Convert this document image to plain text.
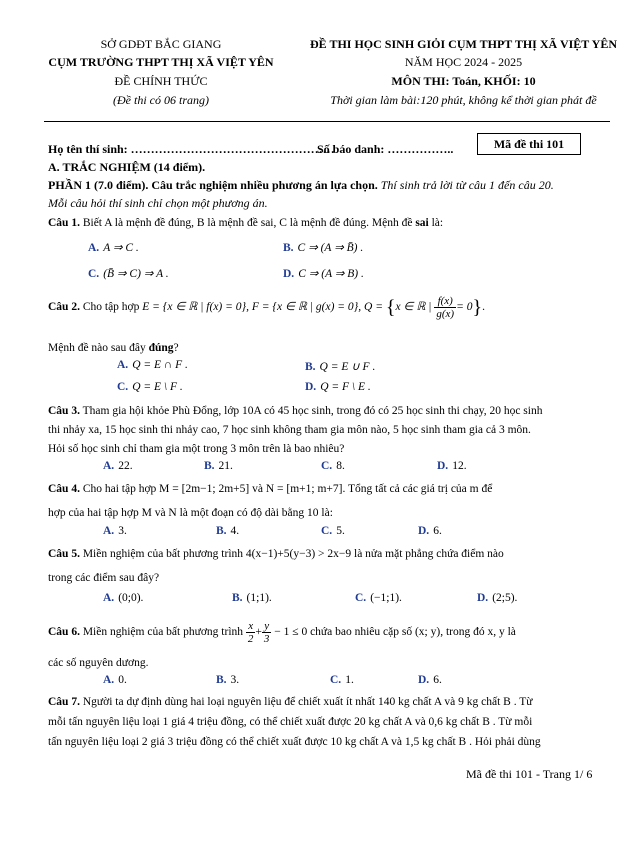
SỞ GDĐT BẮC GIANG
CỤM TRƯỜNG THPT THỊ XÃ VIỆT YÊN
ĐỀ CHÍNH THỨC
(Đề thi có 06 trang)
ĐỀ THI HỌC SINH GIỎI CỤM THPT THỊ XÃ VIỆT YÊN
NĂM HỌC 2024 - 2025
MÔN THI: Toán, KHỐI: 10
Thời gian làm bài:120 phút, không kể thời gian phát đề
Họ tên thí sinh: ……………………………………………
Số báo danh: ……………..	Mã đề thi 101
A. TRẮC NGHIỆM (14 điểm).
PHẦN 1 (7.0 điểm). Câu trắc nghiệm nhiều phương án lựa chọn. Thí sinh trả lời từ câu 1 đến câu 20.
Mỗi câu hỏi thí sinh chỉ chọn một phương án.
Câu 1. Biết A là mệnh đề đúng, B là mệnh đề sai, C là mệnh đề đúng. Mệnh đề sai là:
A. A ⇒ C .	B. C ⇒ (A ⇒ B̄) .
C. (B̄ ⇒ C) ⇒ A .	D. C ⇒ (A ⇒ B) .
Câu 2. Cho tập hợp E = {x ∈ ℝ | f(x) = 0}, F = {x ∈ ℝ | g(x) = 0}, Q = {x ∈ ℝ | $\frac{f(x)}{g(x)} = 0$}.
Mệnh đề nào sau đây đúng?
A. Q = E ∩ F .	B. Q = E ∪ F .
C. Q = E \ F .	D. Q = F \ E .
Câu 3. Tham gia hội khỏe Phù Đổng, lớp 10A có 45 học sinh, trong đó có 25 học sinh thi chạy, 20 học sinh
thi nhảy xa, 15 học sinh thi nhảy cao, 7 học sinh không tham gia môn nào, 5 học sinh tham gia cả 3 môn.
Hỏi số học sinh chỉ tham gia một trong 3 môn trên là bao nhiêu?
A. 22.	B. 21.	C. 8.	D. 12.
Câu 4. Cho hai tập hợp M = [2m−1; 2m+5] và N = [m+1; m+7]. Tổng tất cả các giá trị của m để
hợp của hai tập hợp M và N là một đoạn có độ dài bằng 10 là:
A. 3.	B. 4.	C. 5.	D. 6.
Câu 5. Miền nghiệm của bất phương trình 4(x−1)+5(y−3) > 2x−9 là nửa mặt phẳng chứa điểm nào
trong các điểm sau đây?
A. (0;0).	B. (1;1).	C. (−1;1).	D. (2;5).
Câu 6. Miền nghiệm của bất phương trình $\frac{x}{2} + \frac{y}{3} - 1 \le 0$ chứa bao nhiêu cặp số (x; y), trong đó x, y là
các số nguyên dương.
A. 0.	B. 3.	C. 1.	D. 6.
Câu 7. Người ta dự định dùng hai loại nguyên liệu để chiết xuất ít nhất 140 kg chất A và 9 kg chất B . Từ
mỗi tấn nguyên liệu loại 1 giá 4 triệu đồng, có thể chiết xuất được 20 kg chất A và 0,6 kg chất B . Từ mỗi
tấn nguyên liệu loại 2 giá 3 triệu đồng có thể chiết xuất được 10 kg chất A và 1,5 kg chất B . Hỏi phải dùng
Mã đề thi 101 - Trang 1/ 6
